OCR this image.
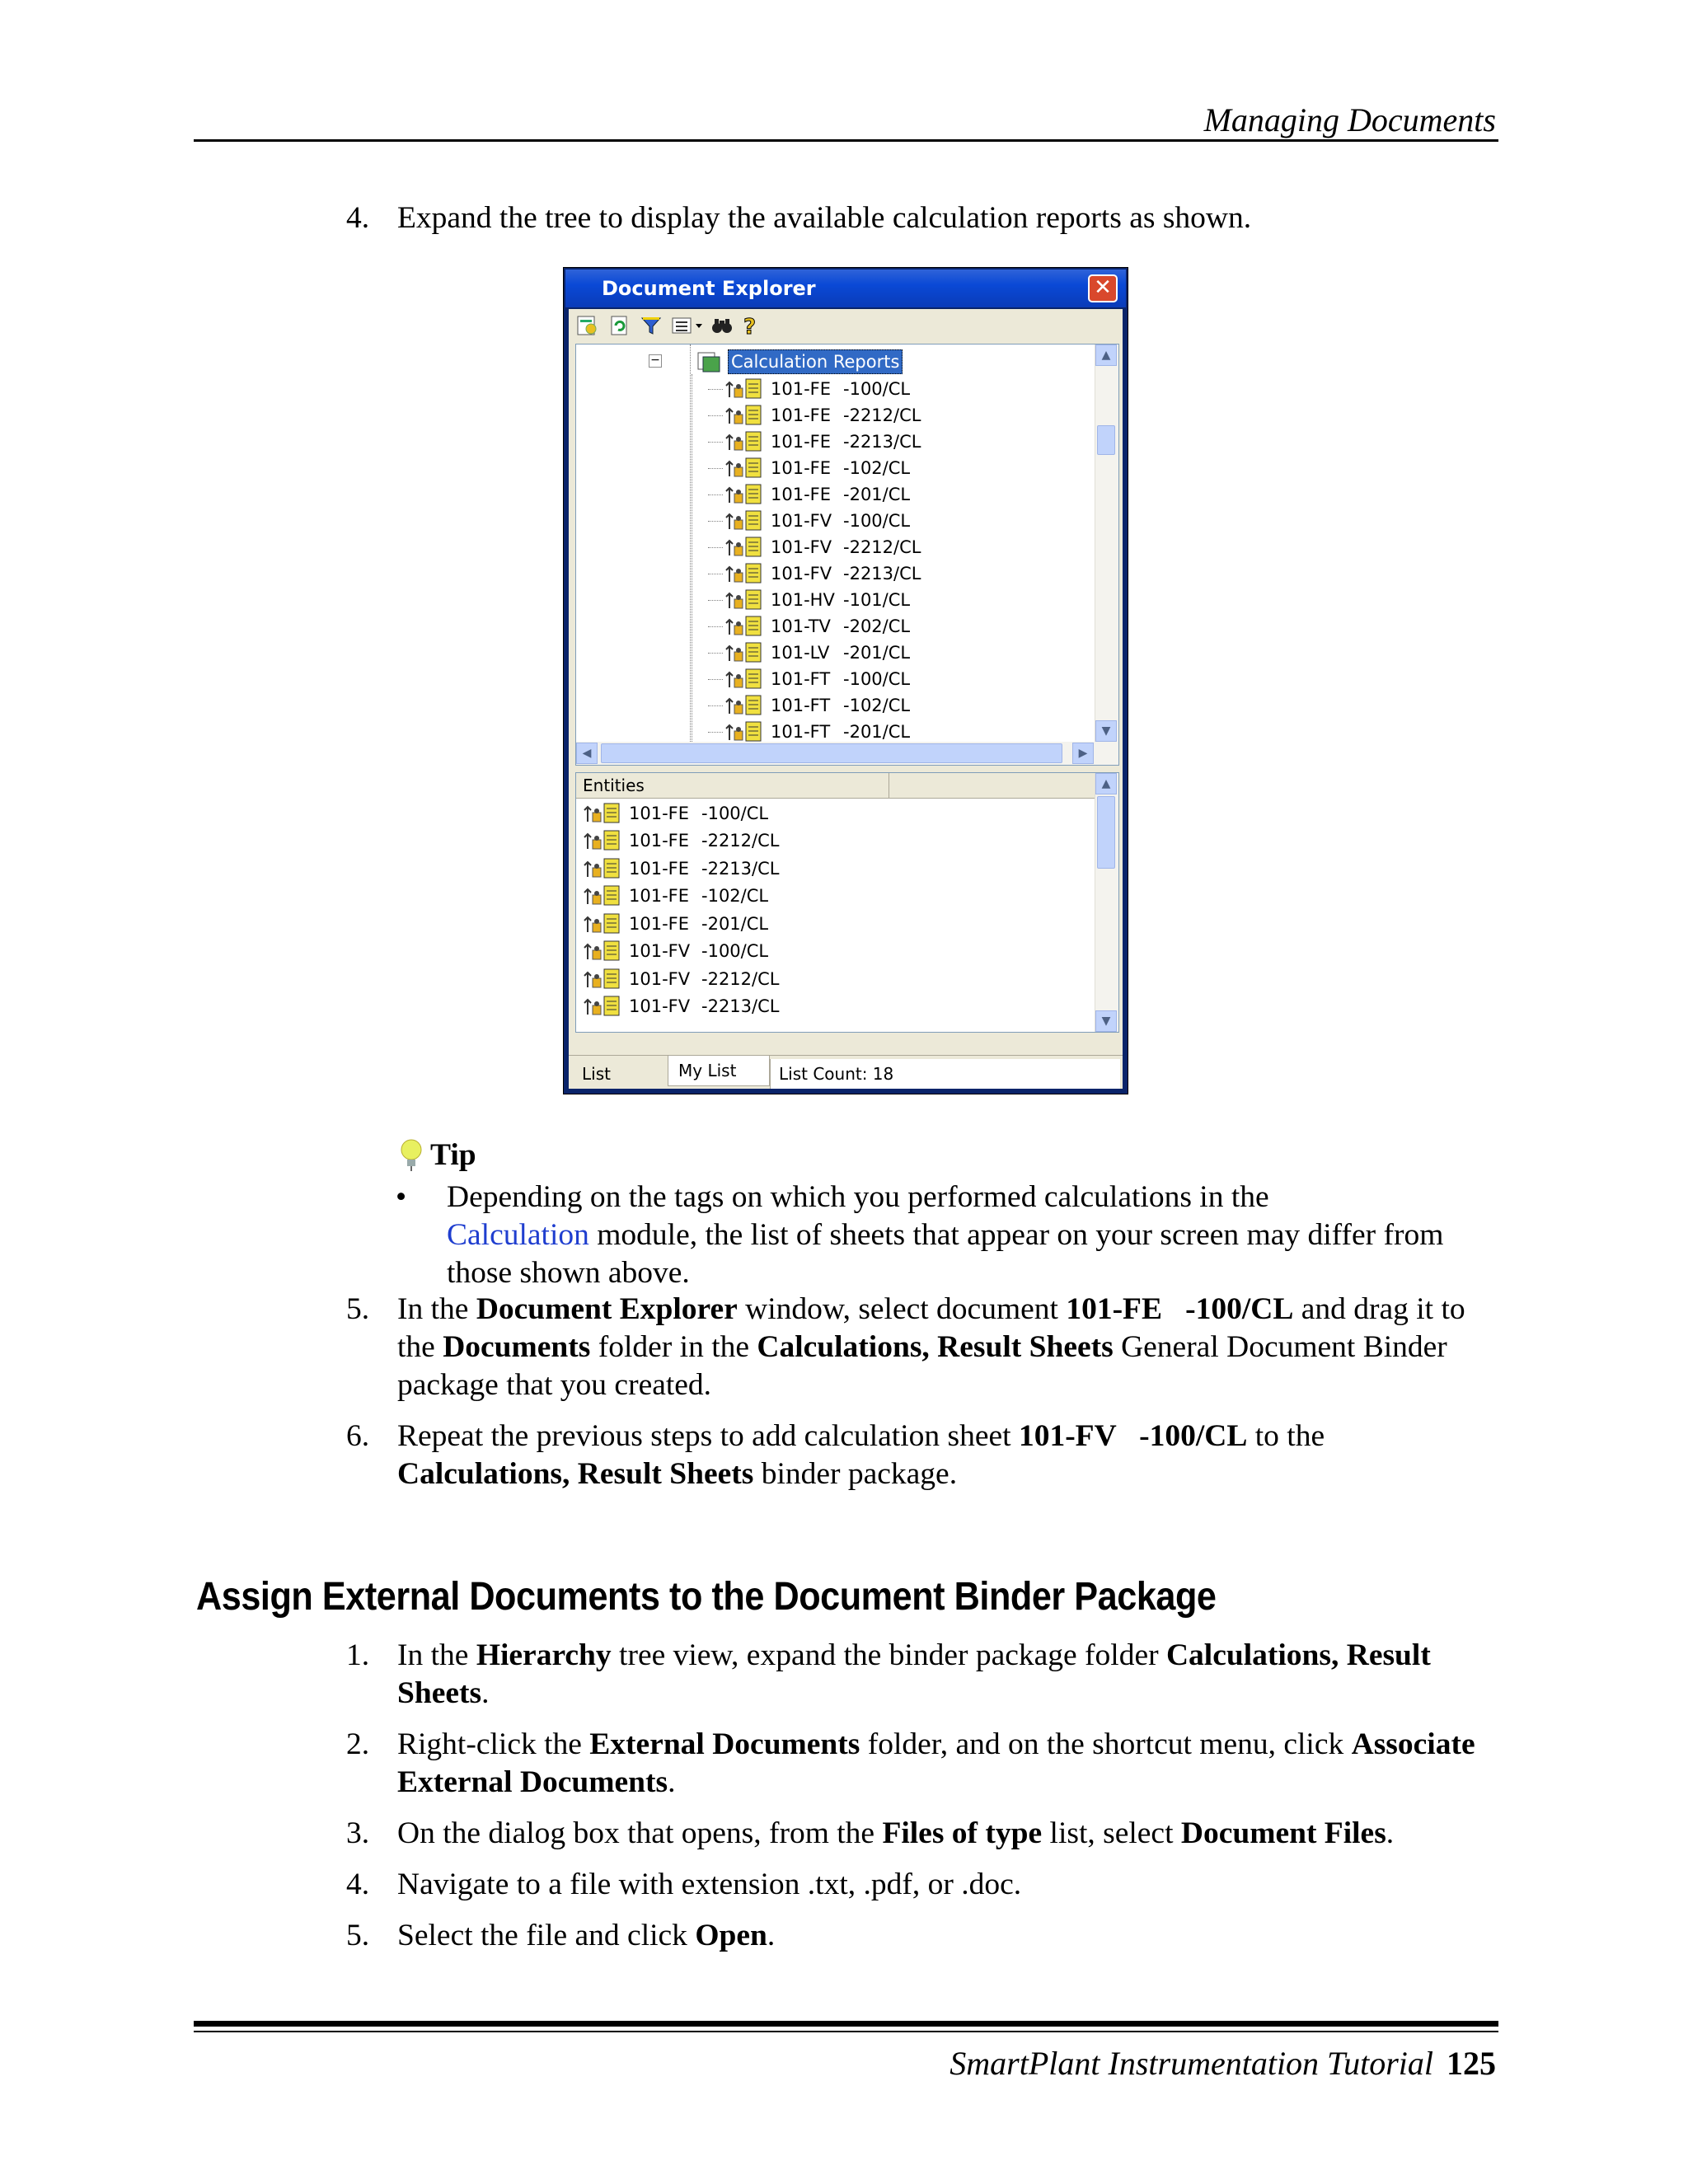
Managing Documents
4. Expand the tree to display the available calculation reports as shown.
Document Explorer	✕
?
−	Calculation Reports
101-FE -100/CL
101-FE -2212/CL
101-FE -2213/CL
101-FE -102/CL
101-FE -201/CL
101-FV -100/CL
101-FV -2212/CL
101-FV -2213/CL
101-HV -101/CL
101-TV -202/CL
101-LV -201/CL
101-FT -100/CL
101-FT -102/CL
101-FT -201/CL
▲
▼
◀	▶
Entities
101-FE -100/CL
101-FE -2212/CL
101-FE -2213/CL
101-FE -102/CL
101-FE -201/CL
101-FV -100/CL
101-FV -2212/CL
101-FV -2213/CL
▲
▼
List	My List	List Count: 18
Tip
•	Depending on the tags on which you performed calculations in the
Calculation module, the list of sheets that appear on your screen may differ from those shown above.
5. In the Document Explorer window, select document 101-FE   -100/CL and drag it to the Documents folder in the Calculations, Result Sheets General Document Binder package that you created.
6. Repeat the previous steps to add calculation sheet 101-FV   -100/CL to the Calculations, Result Sheets binder package.
Assign External Documents to the Document Binder Package
1. In the Hierarchy tree view, expand the binder package folder Calculations, Result Sheets.
2. Right-click the External Documents folder, and on the shortcut menu, click Associate External Documents.
3. On the dialog box that opens, from the Files of type list, select Document Files.
4. Navigate to a file with extension .txt, .pdf, or .doc.
5. Select the file and click Open.
SmartPlant Instrumentation Tutorial 125
